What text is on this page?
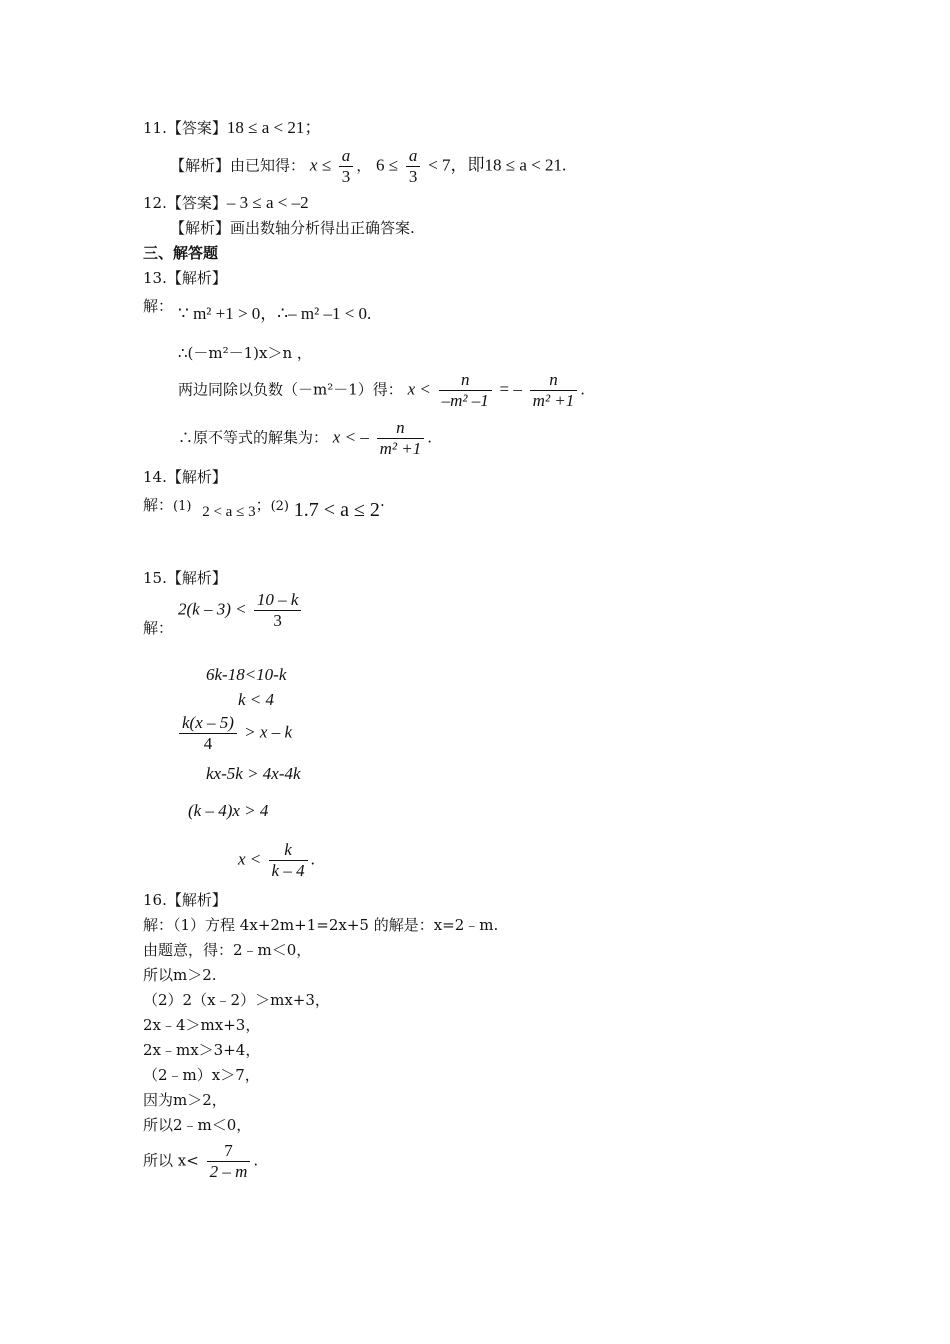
11.【答案】18 ≤ a < 21；
【解析】由已知得： $x \le \frac{a}{3}$ ， $6 \le \frac{a}{3} < 7$，即18 ≤ a < 21.
12.【答案】– 3 ≤ a < –2
【解析】画出数轴分析得出正确答案.
三、解答题
13.【解析】
解： ∵ m² +1 > 0，∴– m² –1 < 0.
∴(－m²－1)x＞n ，
两边同除以负数（－m²－1）得： $x < \frac{n}{\text{–m² –1}}$ = – $\frac{n}{\text{m² +1}}$ .
∴原不等式的解集为： x < – $\frac{n}{\text{m² +1}}$ .
14.【解析】
解：(1) 2 < a ≤ 3；(2) 1.7 < a ≤ 2·
15.【解析】
解：
$2(k - 3) < \frac{10 - k}{3}$
6k-18<10-k
k < 4
$\frac{k(x - 5)}{4} > x - k$
kx-5k > 4x-4k
(k – 4)x > 4
$x < \frac{k}{k - 4}$ .
16.【解析】
解：（1）方程 4x+2m+1=2x+5 的解是：x=2﹣m.
由题意，得：2﹣m＜0，
所以m＞2.
（2）2（x﹣2）＞mx+3，
2x﹣4＞mx+3，
2x﹣mx＞3+4，
（2﹣m）x＞7，
因为m＞2，
所以2﹣m＜0，
所以 $x< \frac{7}{2 - m}$ .
